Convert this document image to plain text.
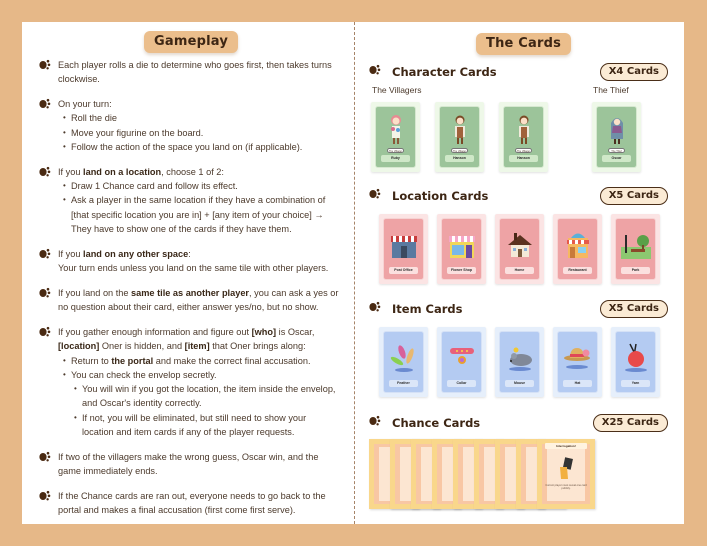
Gameplay
Each player rolls a die to determine who goes first, then takes turns clockwise.
On your turn:
• Roll the die
• Move your figurine on the board.
• Follow the action of the space you land on (if applicable).
If you land on a location, choose 1 of 2:
• Draw 1 Chance card and follow its effect.
• Ask a player in the same location if they have a combination of [that specific location you are in] + [any item of your choice] → They have to show one of the cards if they have them.
If you land on any other space:
Your turn ends unless you land on the same tile with other players.
If you land on the same tile as another player, you can ask a yes or no question about their card, either answer yes/no, but no show.
If you gather enough information and figure out [who] is Oscar, [location] Oner is hidden, and [item] that Oner brings along:
• Return to the portal and make the correct final accusation.
• You can check the envelop secretly.
• You will win if you got the location, the item inside the envelop, and Oscar's identity correctly.
• If not, you will be eliminated, but still need to show your location and item cards if any of the player requests.
If two of the villagers make the wrong guess, Oscar win, and the game immediately ends.
If the Chance cards are ran out, everyone needs to go back to the portal and makes a final accusation (first come first serve).
The Cards
Character Cards	X4 Cards
The Villagers	The Thief
The Villager
Ruby
The Villager
Hanson
The Villager
Hanson
The Thief
Oscar
Location Cards	X5 Cards
Post Office	Flower Shop	Home	Restaurant	Park
Item Cards	X5 Cards
Feather	Collar	Mouse	Hat	Yarn
Chance Cards	X25 Cards
Interrogation!
Current player must reveal one card publicly.
